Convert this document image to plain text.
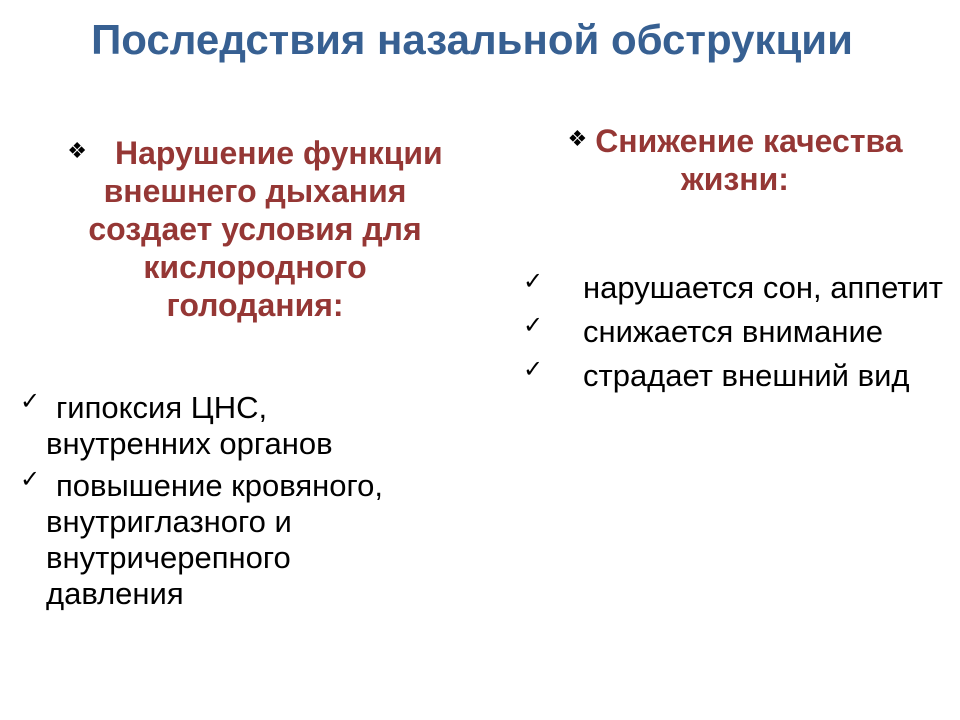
Последствия назальной обструкции
❖ Нарушение функции внешнего дыхания создает условия для кислородного голодания:
❖ Снижение качества жизни:
✓ гипоксия ЦНС, внутренних органов
✓ повышение кровяного, внутриглазного и внутричерепного давления
✓ нарушается сон, аппетит
✓ снижается внимание
✓ страдает внешний вид
